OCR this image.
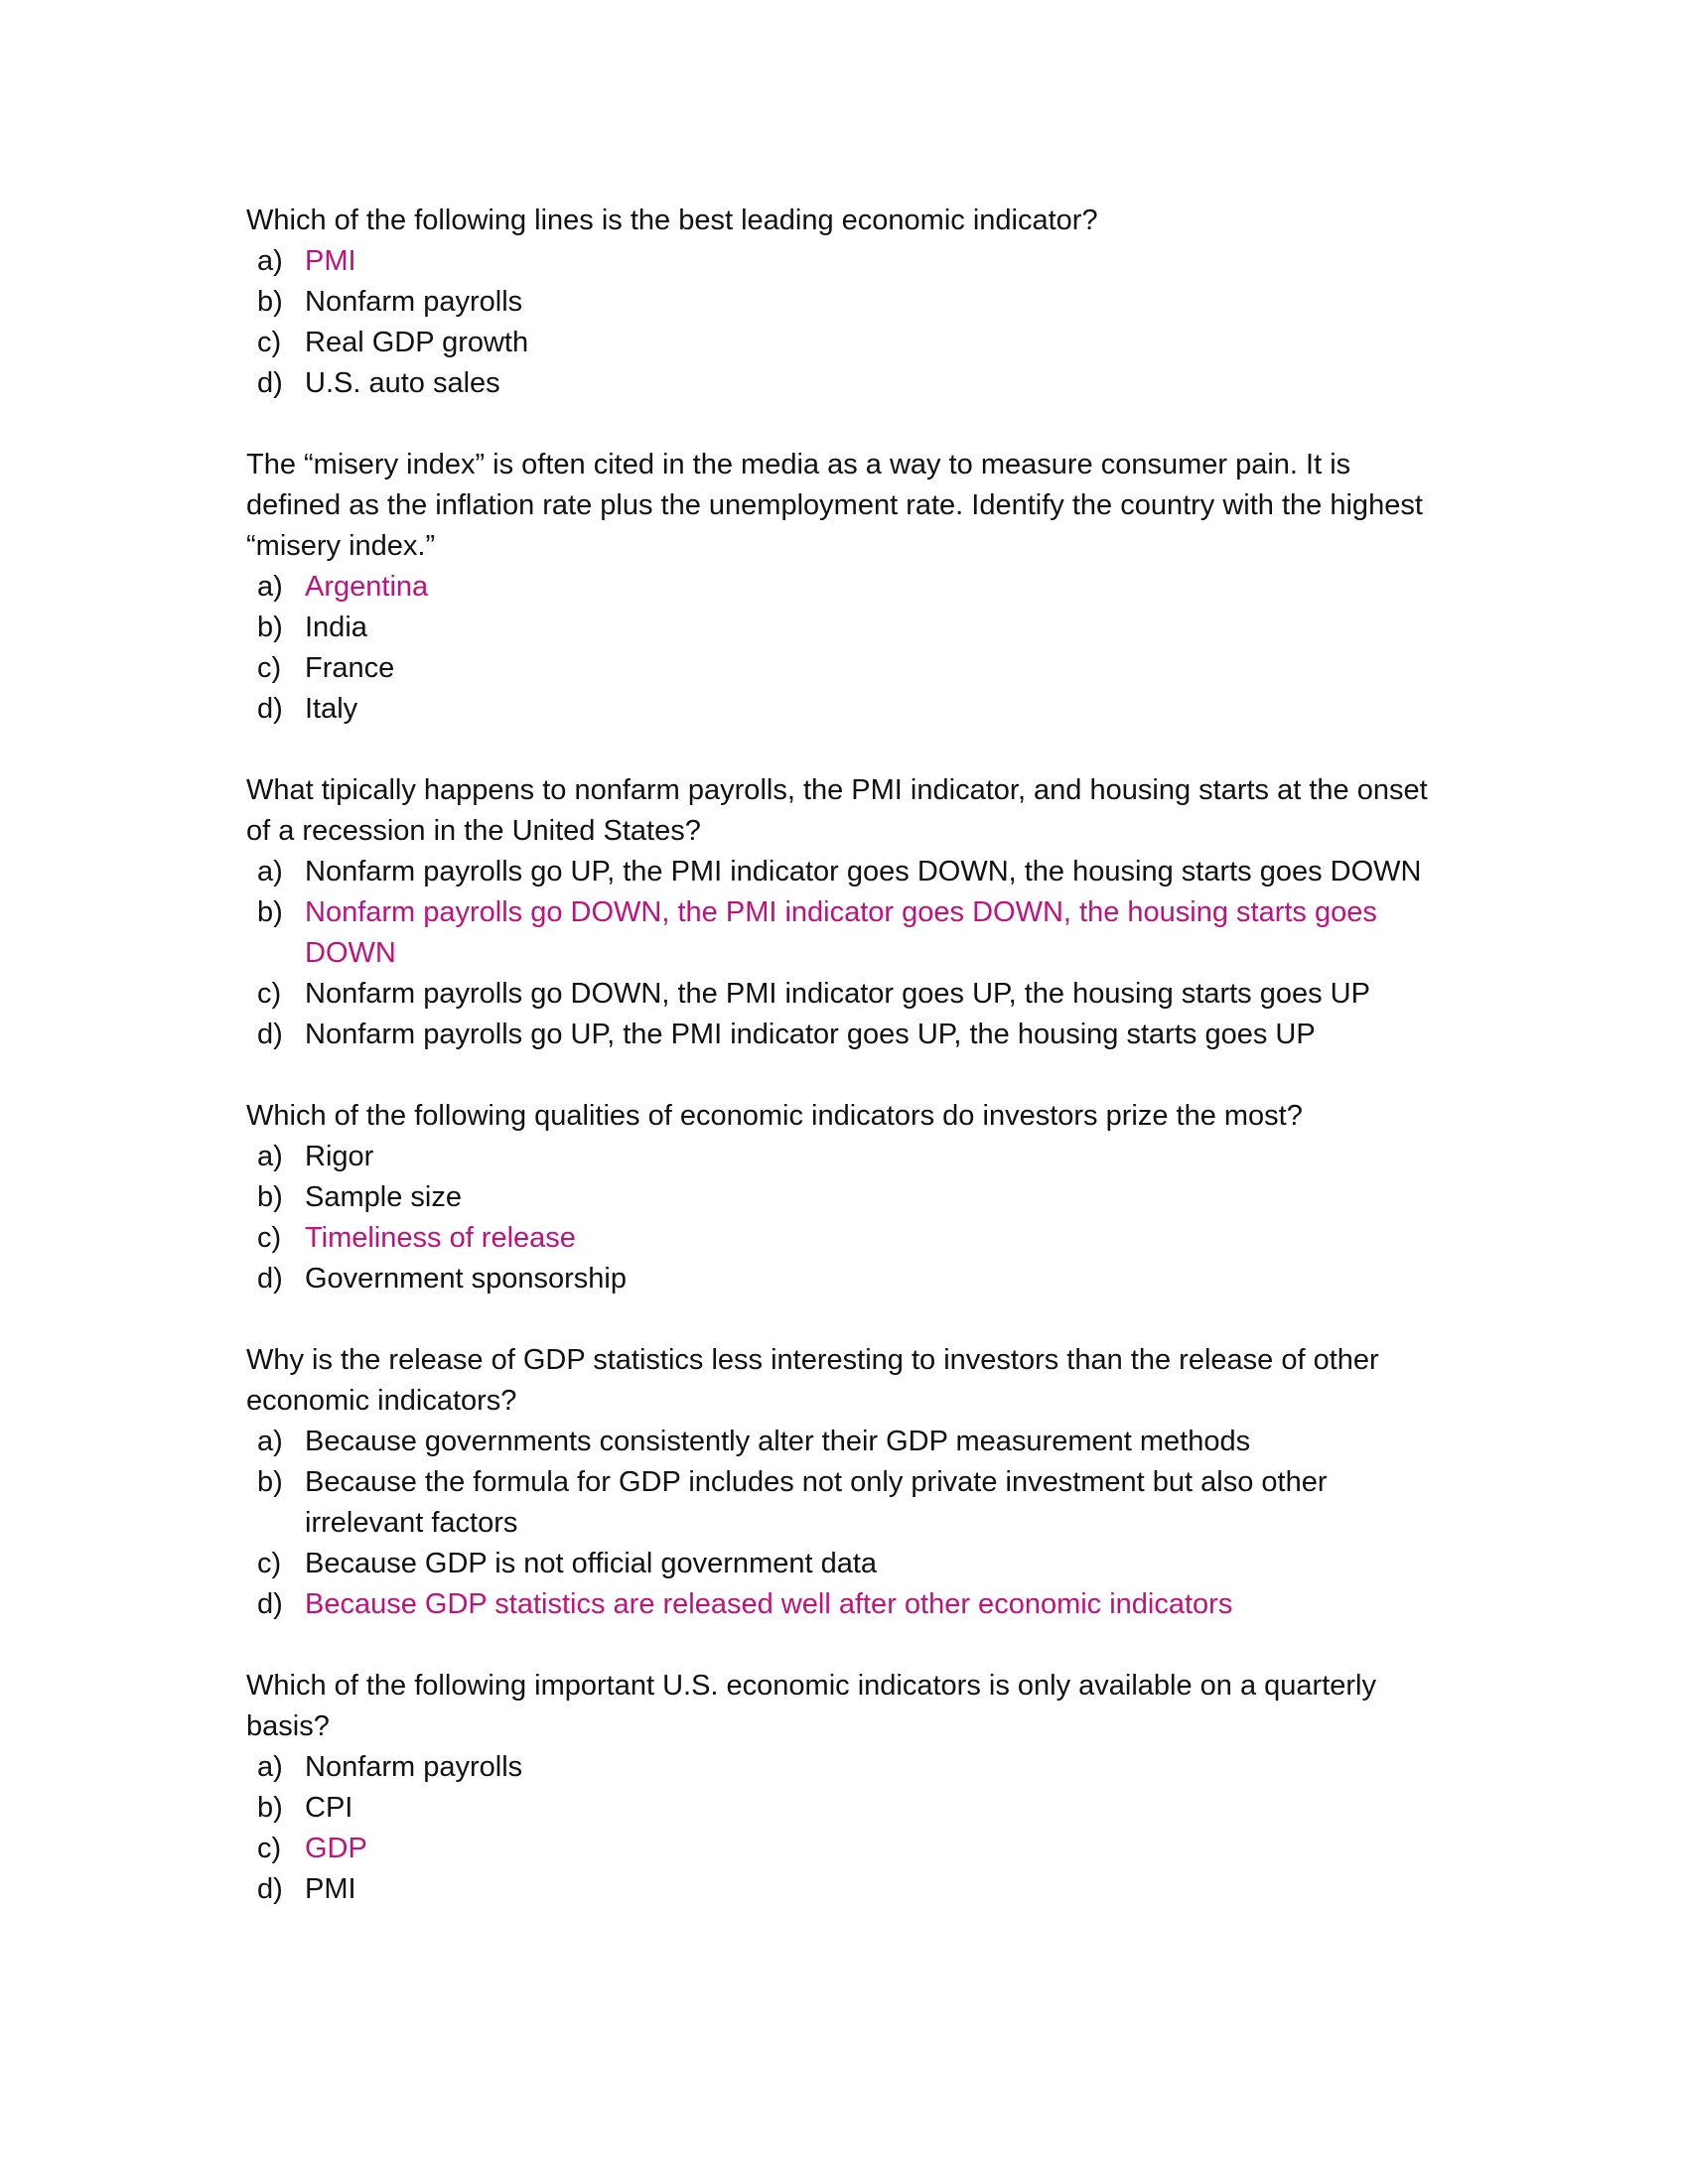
Which of the following lines is the best leading economic indicator?

a) PMI
b) Nonfarm payrolls
c) Real GDP growth
d) U.S. auto sales

The “misery index” is often cited in the media as a way to measure consumer pain. It is defined as the inflation rate plus the unemployment rate. Identify the country with the highest “misery index.”

a) Argentina
b) India
c) France
d) Italy

What tipically happens to nonfarm payrolls, the PMI indicator, and housing starts at the onset of a recession in the United States?

a) Nonfarm payrolls go UP, the PMI indicator goes DOWN, the housing starts goes DOWN
b) Nonfarm payrolls go DOWN, the PMI indicator goes DOWN, the housing starts goes DOWN
c) Nonfarm payrolls go DOWN, the PMI indicator goes UP, the housing starts goes UP
d) Nonfarm payrolls go UP, the PMI indicator goes UP, the housing starts goes UP

Which of the following qualities of economic indicators do investors prize the most?

a) Rigor
b) Sample size
c) Timeliness of release
d) Government sponsorship

Why is the release of GDP statistics less interesting to investors than the release of other economic indicators?

a) Because governments consistently alter their GDP measurement methods
b) Because the formula for GDP includes not only private investment but also other irrelevant factors
c) Because GDP is not official government data
d) Because GDP statistics are released well after other economic indicators

Which of the following important U.S. economic indicators is only available on a quarterly basis?

a) Nonfarm payrolls
b) CPI
c) GDP
d) PMI
